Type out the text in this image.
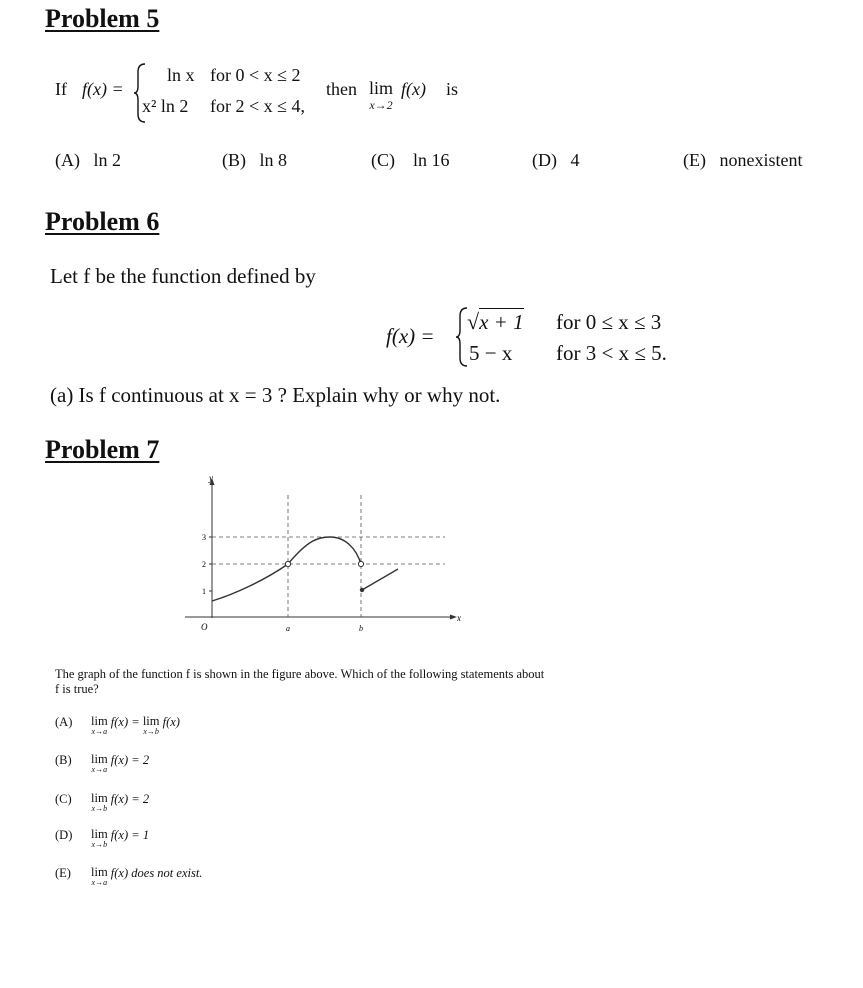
Problem 5
If f(x) =
ln x for 0 < x ≤ 2
x² ln 2 for 2 < x ≤ 4,
then lim
x→2
f(x) is
(A) ln 2	(B) ln 8	(C) ln 16	(D) 4	(E) nonexistent
Problem 6
Let f be the function defined by
f(x) =
√x + 1 for 0 ≤ x ≤ 3
5 − x for 3 < x ≤ 5.
(a) Is f continuous at x = 3 ? Explain why or why not.
Problem 7
y
x
O	a	b
1
2
3
The graph of the function f is shown in the figure above. Which of the following statements about
f is true?
(A) lim
x→a
f(x) = lim
x→b
f(x)
(B) lim
x→a
f(x) = 2
(C) lim
x→b
f(x) = 2
(D) lim
x→b
f(x) = 1
(E) lim
x→a
f(x) does not exist.
